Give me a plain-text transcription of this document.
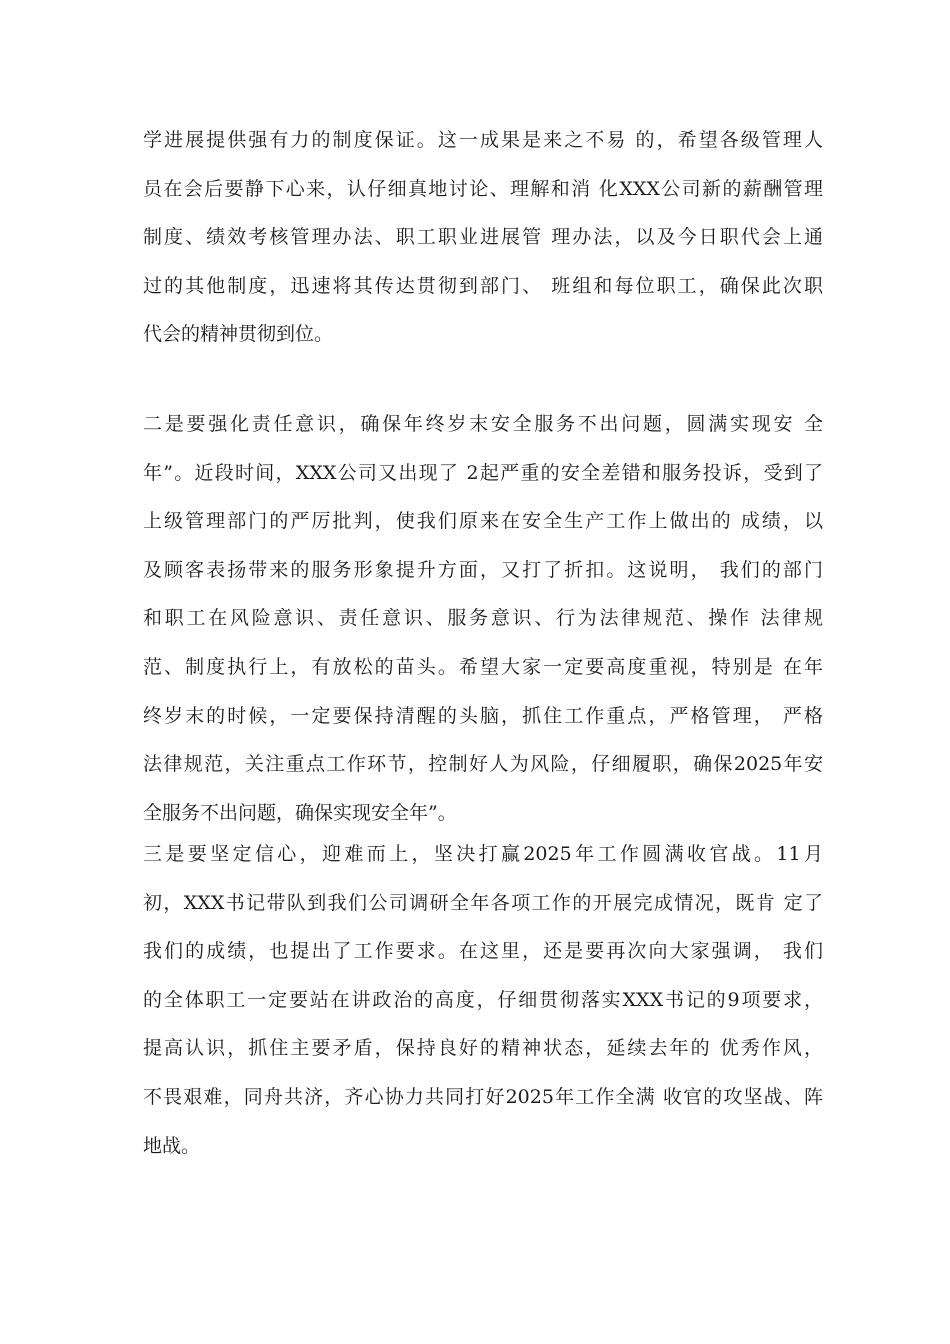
学进展提供强有力的制度保证。这一成果是来之不易 的，希望各级管理人
员在会后要静下心来，认仔细真地讨论、理解和消 化XXX公司新的薪酬管理
制度、绩效考核管理办法、职工职业进展管 理办法，以及今日职代会上通
过的其他制度，迅速将其传达贯彻到部门、 班组和每位职工，确保此次职
代会的精神贯彻到位。
二是要强化责任意识，确保年终岁末安全服务不出问题，圆满实现安 全
年”。近段时间，XXX公司又出现了 2起严重的安全差错和服务投诉，受到了
上级管理部门的严厉批判，使我们原来在安全生产工作上做出的 成绩，以
及顾客表扬带来的服务形象提升方面，又打了折扣。这说明， 我们的部门
和职工在风险意识、责任意识、服务意识、行为法律规范、操作 法律规
范、制度执行上，有放松的苗头。希望大家一定要高度重视，特别是 在年
终岁末的时候，一定要保持清醒的头脑，抓住工作重点，严格管理， 严格
法律规范，关注重点工作环节，控制好人为风险，仔细履职，确保2025年安
全服务不出问题，确保实现安全年”。
三是要坚定信心，迎难而上，坚决打赢2025年工作圆满收官战。11月
初，XXX书记带队到我们公司调研全年各项工作的开展完成情况，既肯 定了
我们的成绩，也提出了工作要求。在这里，还是要再次向大家强调， 我们
的全体职工一定要站在讲政治的高度，仔细贯彻落实XXX书记的9项要求，
提高认识，抓住主要矛盾，保持良好的精神状态，延续去年的 优秀作风，
不畏艰难，同舟共济，齐心协力共同打好2025年工作全满 收官的攻坚战、阵
地战。
